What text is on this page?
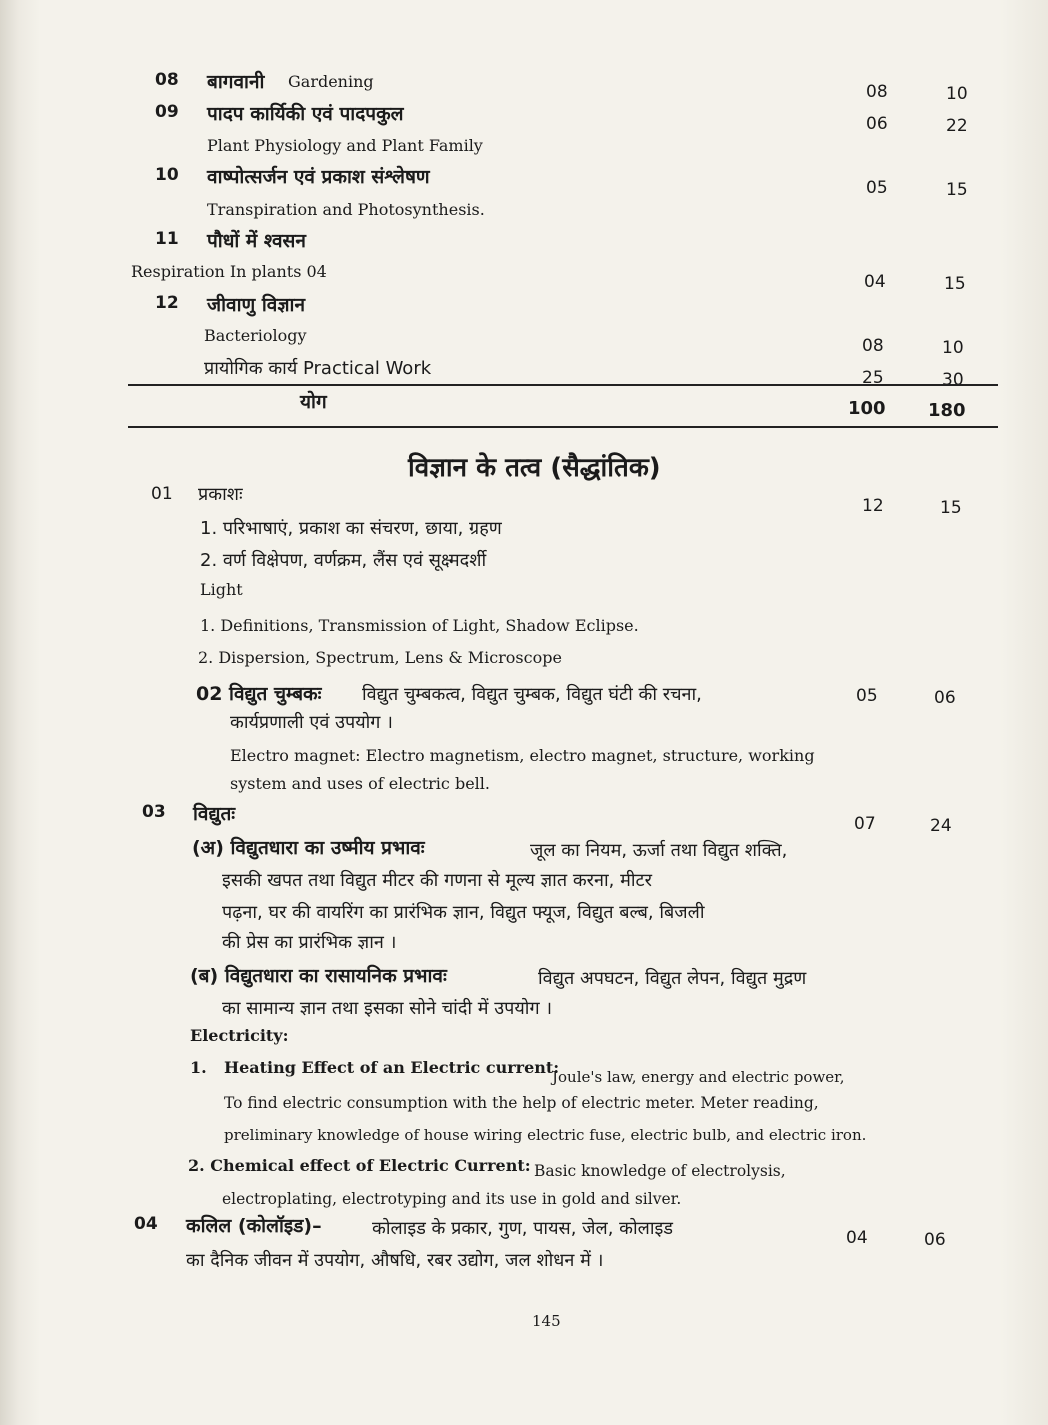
08 बागवानी Gardening
08	10
09 पादप कार्यिकी एवं पादपकुल
Plant Physiology and Plant Family
06	22
10 वाष्पोत्सर्जन एवं प्रकाश संश्लेषण
Transpiration and Photosynthesis.
05	15
11 पौधों में श्वसन
Respiration In plants 04
04	15
12 जीवाणु विज्ञान
Bacteriology
08	10
प्रायोगिक कार्य Practical Work	25	30
योग	100 180
विज्ञान के तत्व (सैद्धांतिक)
01 प्रकाशः
12	15
1. परिभाषाएं, प्रकाश का संचरण, छाया, ग्रहण
2. वर्ण विक्षेपण, वर्णक्रम, लैंस एवं सूक्ष्मदर्शी
Light
1. Definitions, Transmission of Light, Shadow Eclipse.
2. Dispersion, Spectrum, Lens & Microscope
02 विद्युत चुम्बकः विद्युत चुम्बकत्व, विद्युत चुम्बक, विद्युत घंटी की रचना,
कार्यप्रणाली एवं उपयोग ।
05	06
Electro magnet: Electro magnetism, electro magnet, structure, working
system and uses of electric bell.
03 विद्युतः	07	24
(अ) विद्युतधारा का उष्मीय प्रभावः	जूल का नियम, ऊर्जा तथा विद्युत शक्ति,
इसकी खपत तथा विद्युत मीटर की गणना से मूल्य ज्ञात करना, मीटर
पढ़ना, घर की वायरिंग का प्रारंभिक ज्ञान, विद्युत फ्यूज, विद्युत बल्ब, बिजली
की प्रेस का प्रारंभिक ज्ञान ।
(ब) विद्युतधारा का रासायनिक प्रभावः	विद्युत अपघटन, विद्युत लेपन, विद्युत मुद्रण
का सामान्य ज्ञान तथा इसका सोने चांदी में उपयोग ।
Electricity:
1. Heating Effect of an Electric current:
Joule's law, energy and electric power,
To find electric consumption with the help of electric meter. Meter reading,
preliminary knowledge of house wiring electric fuse, electric bulb, and electric iron.
2. Chemical effect of Electric Current: Basic knowledge of electrolysis,
electroplating, electrotyping and its use in gold and silver.
04 कलिल (कोलॉइड)–	कोलाइड के प्रकार, गुण, पायस, जेल, कोलाइड
का दैनिक जीवन में उपयोग, औषधि, रबर उद्योग, जल शोधन में ।
04	06
145
